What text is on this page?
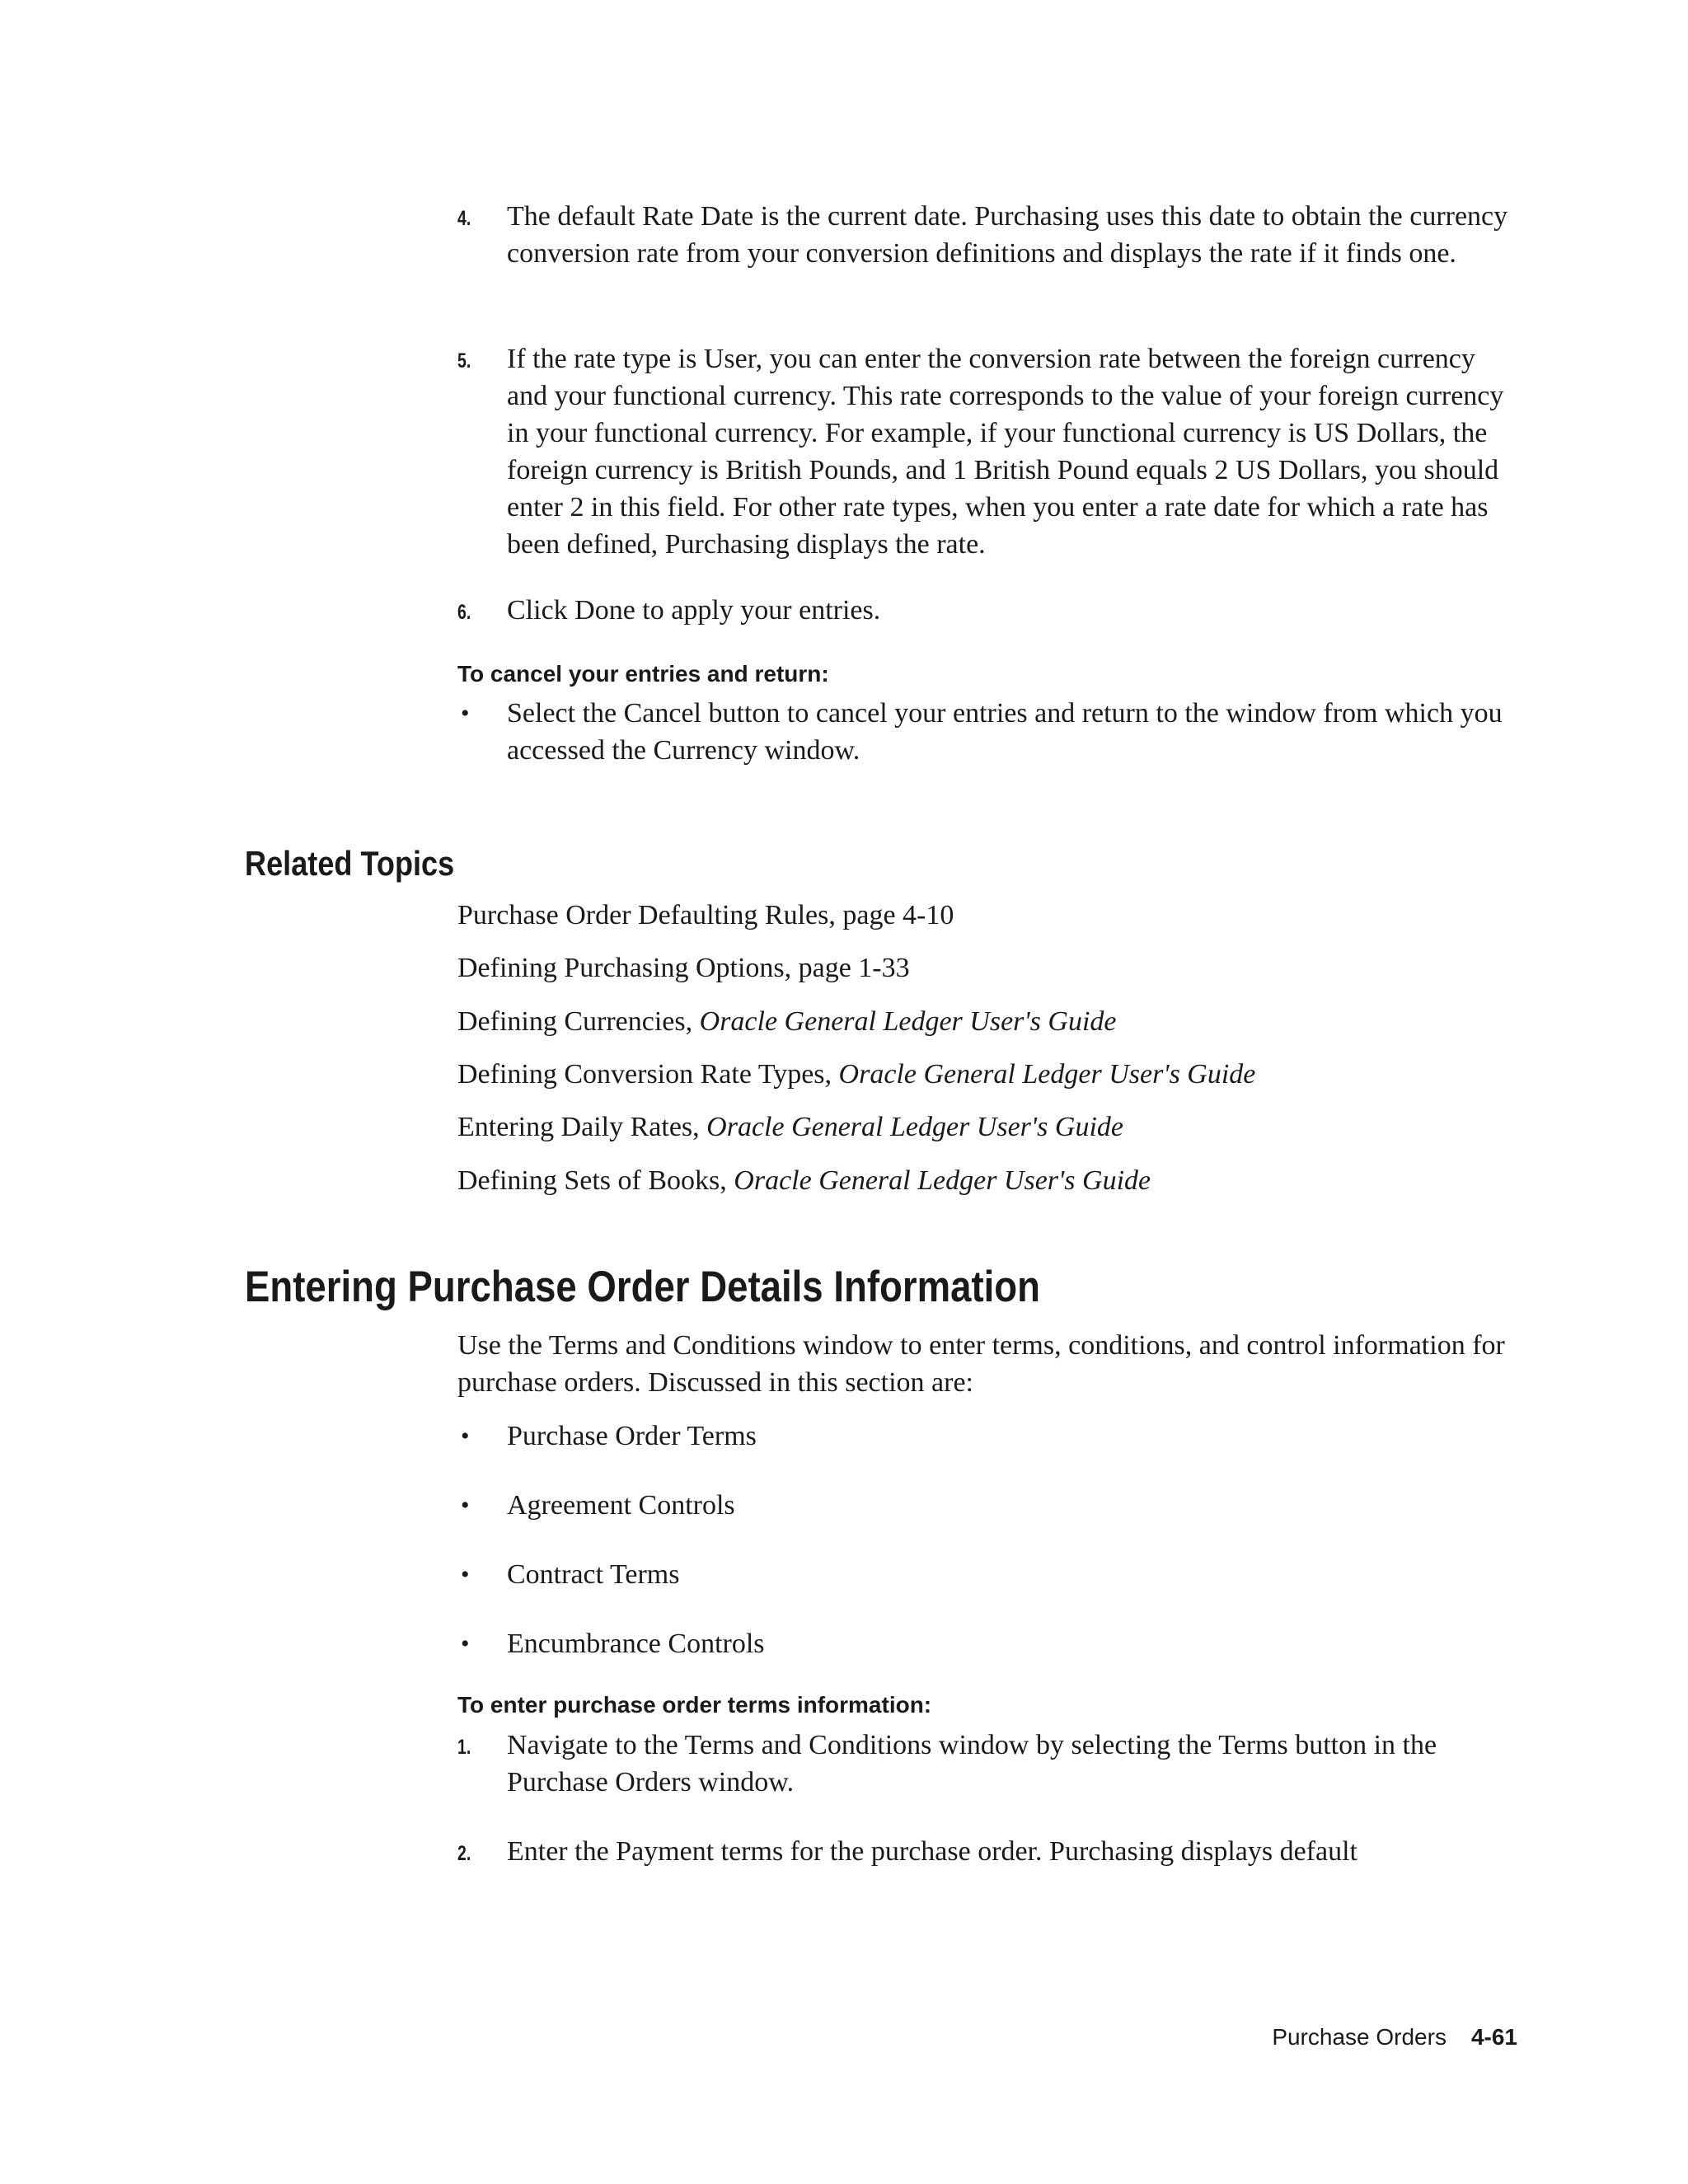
4. The default Rate Date is the current date. Purchasing uses this date to obtain the currency conversion rate from your conversion definitions and displays the rate if it finds one.
5. If the rate type is User, you can enter the conversion rate between the foreign currency and your functional currency. This rate corresponds to the value of your foreign currency in your functional currency. For example, if your functional currency is US Dollars, the foreign currency is British Pounds, and 1 British Pound equals 2 US Dollars, you should enter 2 in this field. For other rate types, when you enter a rate date for which a rate has been defined, Purchasing displays the rate.
6. Click Done to apply your entries.
To cancel your entries and return:
• Select the Cancel button to cancel your entries and return to the window from which you accessed the Currency window.
Related Topics
Purchase Order Defaulting Rules, page 4-10
Defining Purchasing Options, page 1-33
Defining Currencies, Oracle General Ledger User's Guide
Defining Conversion Rate Types, Oracle General Ledger User's Guide
Entering Daily Rates, Oracle General Ledger User's Guide
Defining Sets of Books, Oracle General Ledger User's Guide
Entering Purchase Order Details Information
Use the Terms and Conditions window to enter terms, conditions, and control information for purchase orders. Discussed in this section are:
• Purchase Order Terms
• Agreement Controls
• Contract Terms
• Encumbrance Controls
To enter purchase order terms information:
1. Navigate to the Terms and Conditions window by selecting the Terms button in the Purchase Orders window.
2. Enter the Payment terms for the purchase order. Purchasing displays default
Purchase Orders 4-61
